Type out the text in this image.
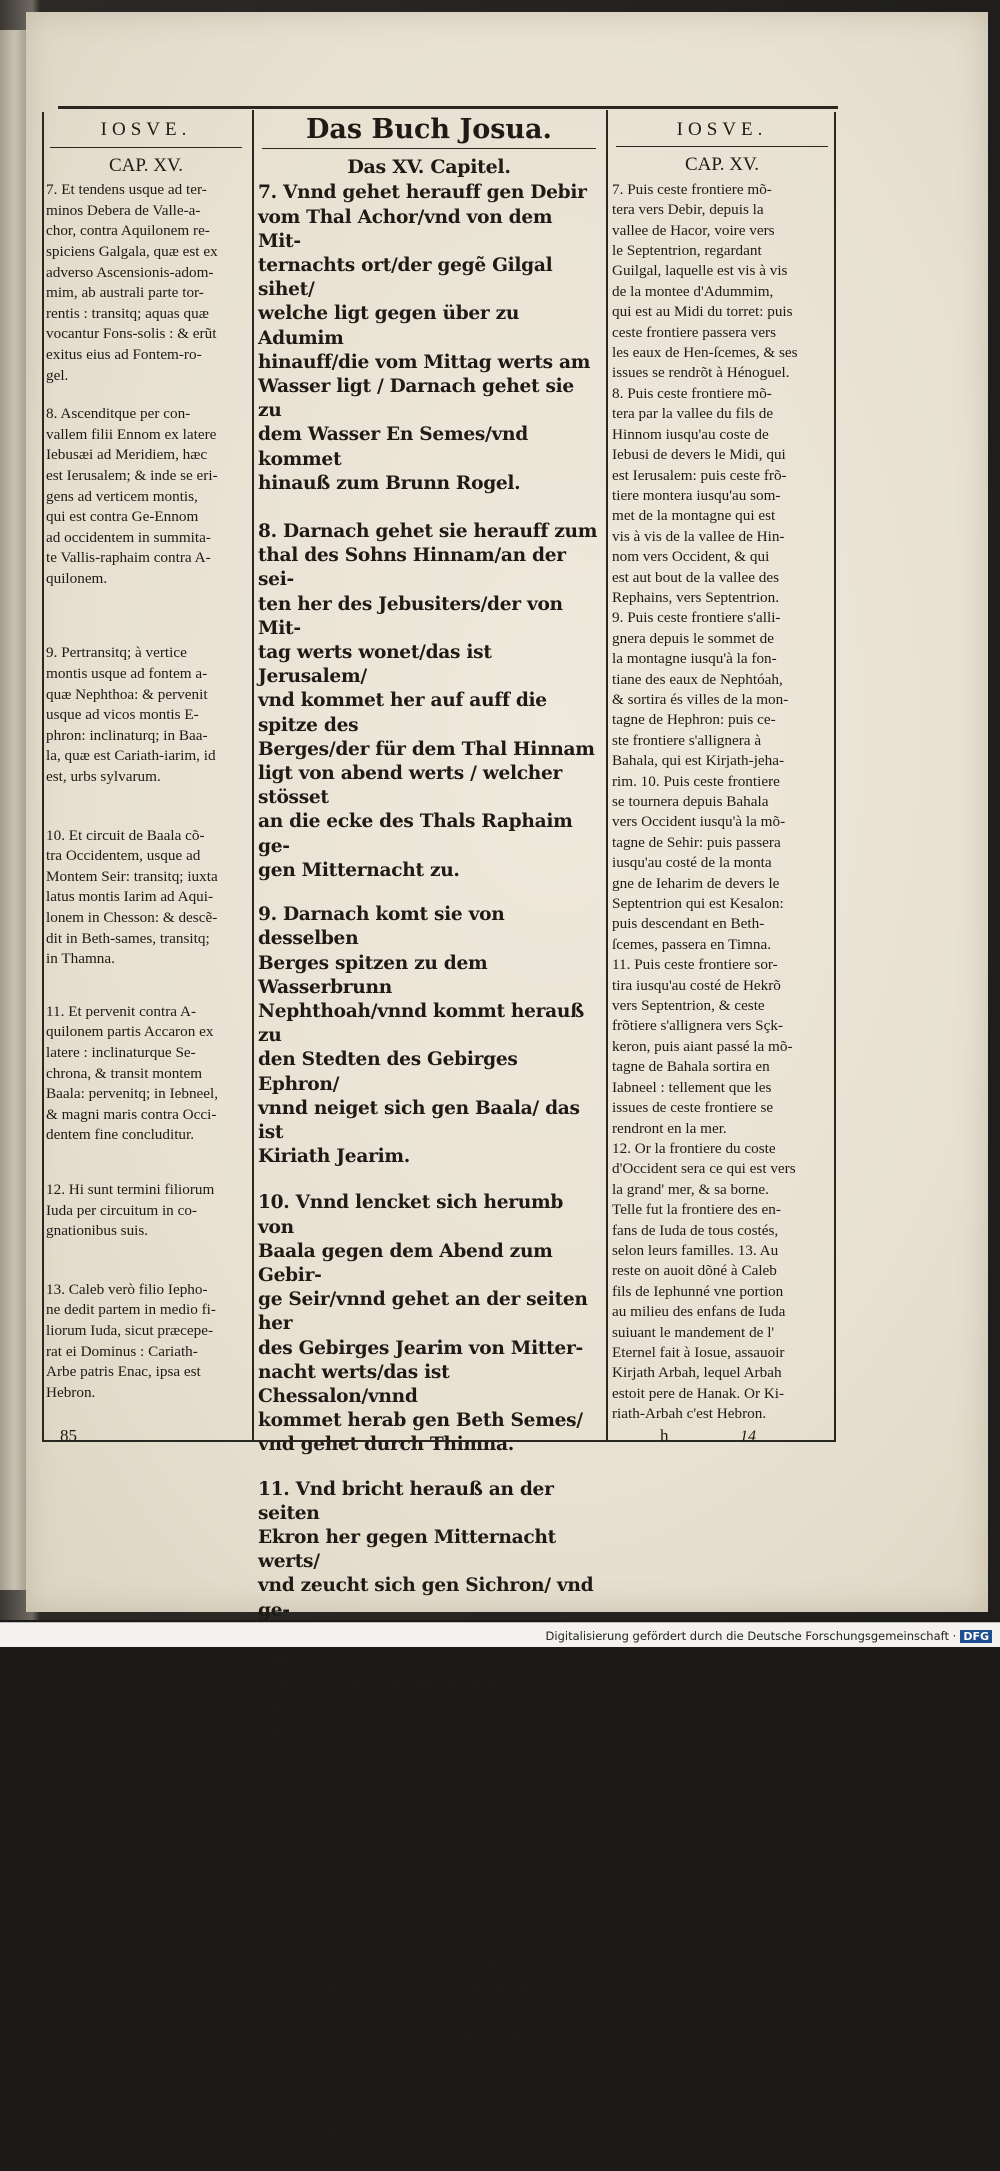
IOSVE.
CAP. XV.

7. Et tendens usque ad ter-
minos Debera de Valle-a-
chor, contra Aquilonem re-
spiciens Galgala, quæ est ex
adverso Ascensionis-adom-
mim, ab australi parte tor-
rentis : transitq; aquas quæ
vocantur Fons-solis : & erũt
exitus eius ad Fontem-ro-
gel.

8. Ascenditque per con-
vallem filii Ennom ex latere
Iebusæi ad Meridiem, hæc
est Ierusalem; & inde se eri-
gens ad verticem montis,
qui est contra Ge-Ennom
ad occidentem in summita-
te Vallis-raphaim contra A-
quilonem.

9. Pertransitq; à vertice
montis usque ad fontem a-
quæ Nephthoa: & pervenit
usque ad vicos montis E-
phron: inclinaturq; in Baa-
la, quæ est Cariath-iarim, id
est, urbs sylvarum.

10. Et circuit de Baala cõ-
tra Occidentem, usque ad
Montem Seir: transitq; iuxta
latus montis Iarim ad Aqui-
lonem in Chesson: & descẽ-
dit in Beth-sames, transitq;
in Thamna.

11. Et pervenit contra A-
quilonem partis Accaron ex
latere : inclinaturque Se-
chrona, & transit montem
Baala: pervenitq; in Iebneel,
& magni maris contra Occi-
dentem fine concluditur.

12. Hi sunt termini filiorum
Iuda per circuitum in co-
gnationibus suis.

13. Caleb verò filio Iepho-
ne dedit partem in medio fi-
liorum Iuda, sicut præcepe-
rat ei Dominus : Cariath-
Arbe patris Enac, ipsa est
Hebron.

Das Buch Josua.
Das XV. Capitel.

7. Vnnd gehet herauff gen Debir
vom Thal Achor/vnd von dem Mit-
ternachts ort/der gegẽ Gilgal sihet/
welche ligt gegen über zu Adumim
hinauff/die vom Mittag werts am
Wasser ligt / Darnach gehet sie zu
dem Wasser En Semes/vnd kommet
hinauß zum Brunn Rogel.

8. Darnach gehet sie herauff zum
thal des Sohns Hinnam/an der sei-
ten her des Jebusiters/der von Mit-
tag werts wonet/das ist Jerusalem/
vnd kommet her auf auff die spitze des
Berges/der für dem Thal Hinnam
ligt von abend werts / welcher stösset
an die ecke des Thals Raphaim ge-
gen Mitternacht zu.

9. Darnach komt sie von desselben
Berges spitzen zu dem Wasserbrunn
Nephthoah/vnnd kommt herauß zu
den Stedten des Gebirges Ephron/
vnnd neiget sich gen Baala/ das ist
Kiriath Jearim.

10. Vnnd lencket sich herumb von
Baala gegen dem Abend zum Gebir-
ge Seir/vnnd gehet an der seiten her
des Gebirges Jearim von Mitter-
nacht werts/das ist Chessalon/vnnd
kommet herab gen Beth Semes/
vnd gehet durch Thimna.

11. Vnd bricht herauß an der seiten
Ekron her gegen Mitternacht werts/
vnd zeucht sich gen Sichron/ vnd ge-
komt
herauß gen Jabneel/daß jr lettzes ist
das Meer.

12. Die Grentze aber gegen Abend
ist das grosse Meer. Das ist die gren
tze der Kinder Juda vmbher in jhren
Geschlechten.

13. Caleb aber dem Sohn Jephun-
ne ward sein theil gegeben vnter den
Kindern Juda/nach dem der HERr
Josua befalh / nemlich/die Kiriath
Arba / des Vatters Enak/ das ist
Hebron.

IOSVE.
CAP. XV.

7. Puis ceste frontiere mõ-
tera vers Debir, depuis la
vallee de Hacor, voire vers
le Septentrion, regardant
Guilgal, laquelle est vis à vis
de la montee d'Adummim,
qui est au Midi du torret: puis
ceste frontiere passera vers
les eaux de Hen-ſcemes, & ses
issues se rendrõt à Hénoguel.

8. Puis ceste frontiere mõ-
tera par la vallee du fils de
Hinnom iusqu'au coste de
Iebusi de devers le Midi, qui
est Ierusalem: puis ceste frõ-
tiere montera iusqu'au som-
met de la montagne qui est
vis à vis de la vallee de Hin-
nom vers Occident, & qui
est aut bout de la vallee des
Rephains, vers Septentrion.

9. Puis ceste frontiere s'alli-
gnera depuis le sommet de
la montagne iusqu'à la fon-
tiane des eaux de Nephtóah,
& sortira és villes de la mon-
tagne de Hephron: puis ce-
ste frontiere s'allignera à
Bahala, qui est Kirjath-jeha-
rim. 10. Puis ceste frontiere
se tournera depuis Bahala
vers Occident iusqu'à la mõ-
tagne de Sehir: puis passera
iusqu'au costé de la monta
gne de Ieharim de devers le
Septentrion qui est Kesalon:
puis descendant en Beth-
ſcemes, passera en Timna.

11. Puis ceste frontiere sor-
tira iusqu'au costé de Hekrõ
vers Septentrion, & ceste
frõtiere s'allignera vers Sçk-
keron, puis aiant passé la mõ-
tagne de Bahala sortira en
Iabneel : tellement que les
issues de ceste frontiere se
rendront en la mer.

12. Or la frontiere du coste
d'Occident sera ce qui est vers
la grand' mer, & sa borne.
Telle fut la frontiere des en-
fans de Iuda de tous costés,
selon leurs familles. 13. Au
reste on auoit dõné à Caleb
fils de Iephunné vne portion
au milieu des enfans de Iuda
suiuant le mandement de l'
Eternel fait à Iosue, assauoir
Kirjath Arbah, lequel Arbah
estoit pere de Hanak. Or Ki-
riath-Arbah c'est Hebron.

85	h	14
Digitalisierung gefördert durch die Deutsche Forschungsgemeinschaft · DFG
